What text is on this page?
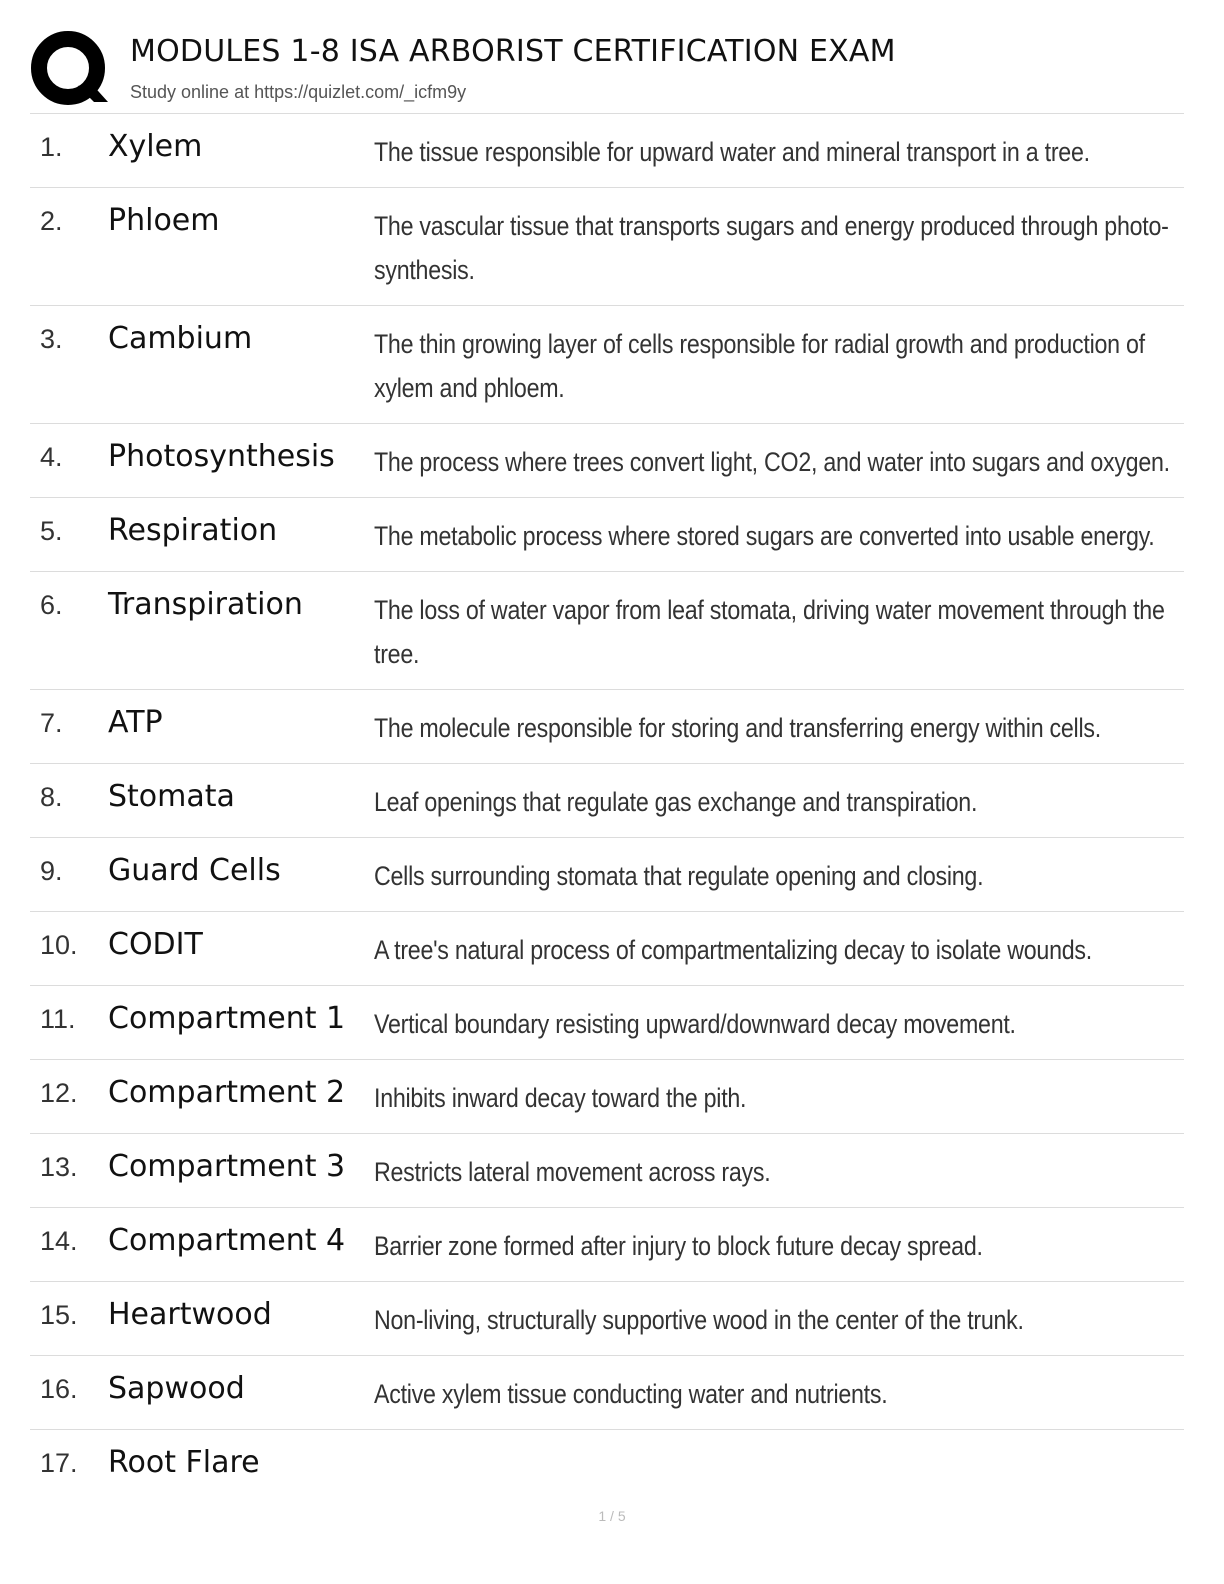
MODULES 1-8 ISA ARBORIST CERTIFICATION EXAM
Study online at https://quizlet.com/_icfm9y
1. Xylem	The tissue responsible for upward water and mineral transport in a tree.
2. Phloem	The vascular tissue that transports sugars and energy produced through photo-synthesis.
3. Cambium	The thin growing layer of cells responsible for radial growth and production of xylem and phloem.
4. Photosynthesis The process where trees convert light, CO2, and water into sugars and oxygen.
5. Respiration	The metabolic process where stored sugars are converted into usable energy.
6. Transpiration	The loss of water vapor from leaf stomata, driving water movement through the tree.
7. ATP	The molecule responsible for storing and transferring energy within cells.
8. Stomata	Leaf openings that regulate gas exchange and transpiration.
9. Guard Cells	Cells surrounding stomata that regulate opening and closing.
10. CODIT	A tree's natural process of compartmentalizing decay to isolate wounds.
11. Compartment 1 Vertical boundary resisting upward/downward decay movement.
12. Compartment 2 Inhibits inward decay toward the pith.
13. Compartment 3 Restricts lateral movement across rays.
14. Compartment 4 Barrier zone formed after injury to block future decay spread.
15. Heartwood	Non-living, structurally supportive wood in the center of the trunk.
16. Sapwood	Active xylem tissue conducting water and nutrients.
17. Root Flare
1 / 5
